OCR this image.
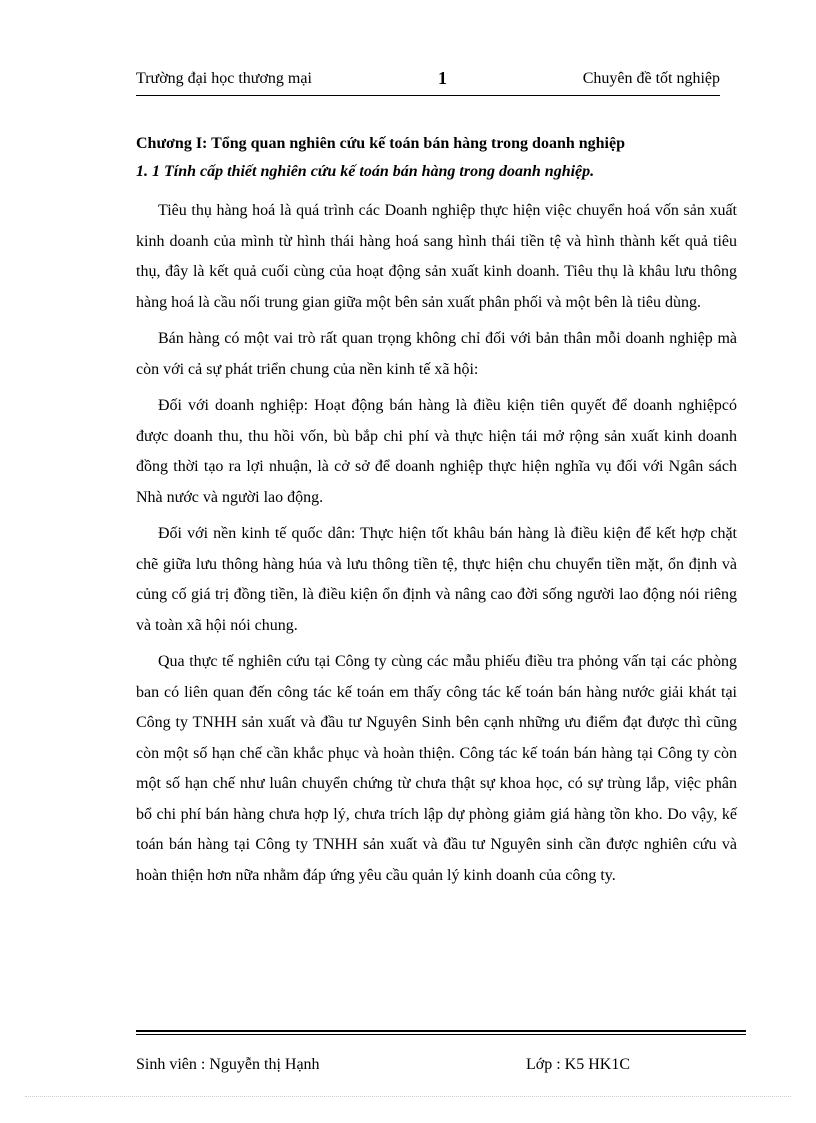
Trường đại học thương mại	1	Chuyên đề tốt nghiệp

Chương I: Tổng quan nghiên cứu kế toán bán hàng trong doanh nghiệp

1. 1 Tính cấp thiết nghiên cứu kế toán bán hàng trong doanh nghiệp.

Tiêu thụ hàng hoá là quá trình các Doanh nghiệp thực hiện việc chuyển hoá vốn sản xuất kinh doanh của mình từ hình thái hàng hoá sang hình thái tiền tệ và hình thành kết quả tiêu thụ, đây là kết quả cuối cùng của hoạt động sản xuất kinh doanh. Tiêu thụ là khâu lưu thông hàng hoá là cầu nối trung gian giữa một bên sản xuất phân phối và một bên là tiêu dùng.

Bán hàng có một vai trò rất quan trọng không chỉ đối với bản thân mỗi doanh nghiệp mà còn với cả sự phát triển chung của nền kinh tế xã hội:

Đối với doanh nghiệp: Hoạt động bán hàng là điều kiện tiên quyết để doanh nghiệpcó được doanh thu, thu hồi vốn, bù bắp chi phí và thực hiện tái mở rộng sản xuất kinh doanh đồng thời tạo ra lợi nhuận, là cở sở để doanh nghiệp thực hiện nghĩa vụ đối với Ngân sách Nhà nước và người lao động.

Đối với nền kinh tế quốc dân: Thực hiện tốt khâu bán hàng là điều kiện để kết hợp chặt chẽ giữa lưu thông hàng húa và lưu thông tiền tệ, thực hiện chu chuyển tiền mặt, ổn định và củng cố giá trị đồng tiền, là điều kiện ổn định và nâng cao đời sống người lao động nói riêng và toàn xã hội nói chung.

Qua thực tế nghiên cứu tại Công ty cùng các mẫu phiếu điều tra phỏng vấn tại các phòng ban có liên quan đến công tác kế toán em thấy công tác kế toán bán hàng nước giải khát tại Công ty TNHH sản xuất và đầu tư Nguyên Sinh bên cạnh những ưu điểm đạt được thì cũng còn một số hạn chế cần khắc phục và hoàn thiện. Công tác kế toán bán hàng tại Công ty còn một số hạn chế như luân chuyển chứng từ chưa thật sự khoa học, có sự trùng lắp, việc phân bổ chi phí bán hàng chưa hợp lý, chưa trích lập dự phòng giảm giá hàng tồn kho. Do vậy, kế toán bán hàng tại Công ty TNHH sản xuất và đầu tư Nguyên sinh cần được nghiên cứu và hoàn thiện hơn nữa nhằm đáp ứng yêu cầu quản lý kinh doanh của công ty.

Sinh viên : Nguyễn thị Hạnh	Lớp : K5 HK1C
